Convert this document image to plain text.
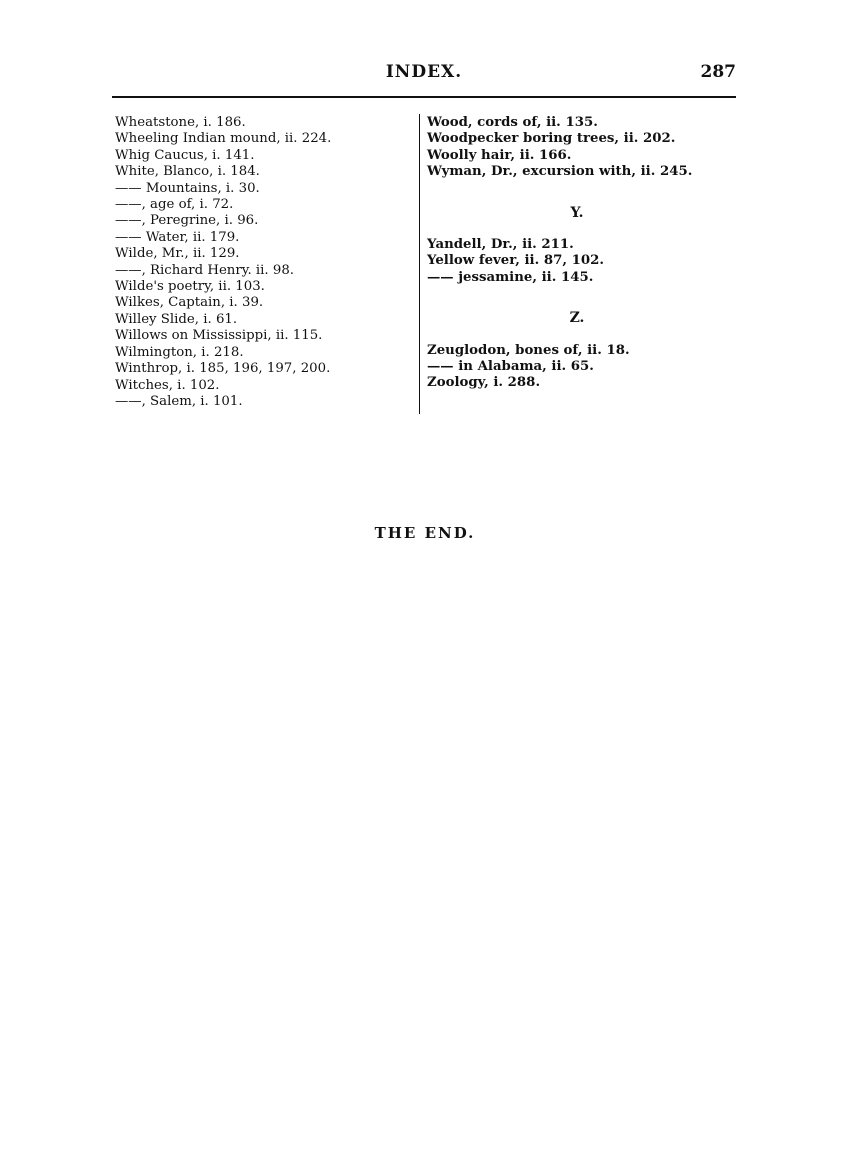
INDEX.	287
Wheatstone, i. 186.
Wheeling Indian mound, ii. 224.
Whig Caucus, i. 141.
White, Blanco, i. 184.
—— Mountains, i. 30.
——, age of, i. 72.
——, Peregrine, i. 96.
—— Water, ii. 179.
Wilde, Mr., ii. 129.
——, Richard Henry. ii. 98.
Wilde's poetry, ii. 103.
Wilkes, Captain, i. 39.
Willey Slide, i. 61.
Willows on Mississippi, ii. 115.
Wilmington, i. 218.
Winthrop, i. 185, 196, 197, 200.
Witches, i. 102.
——, Salem, i. 101.
Wood, cords of, ii. 135.
Woodpecker boring trees, ii. 202.
Woolly hair, ii. 166.
Wyman, Dr., excursion with, ii. 245.
Y.
Yandell, Dr., ii. 211.
Yellow fever, ii. 87, 102.
—— jessamine, ii. 145.
Z.
Zeuglodon, bones of, ii. 18.
—— in Alabama, ii. 65.
Zoology, i. 288.
THE END.
